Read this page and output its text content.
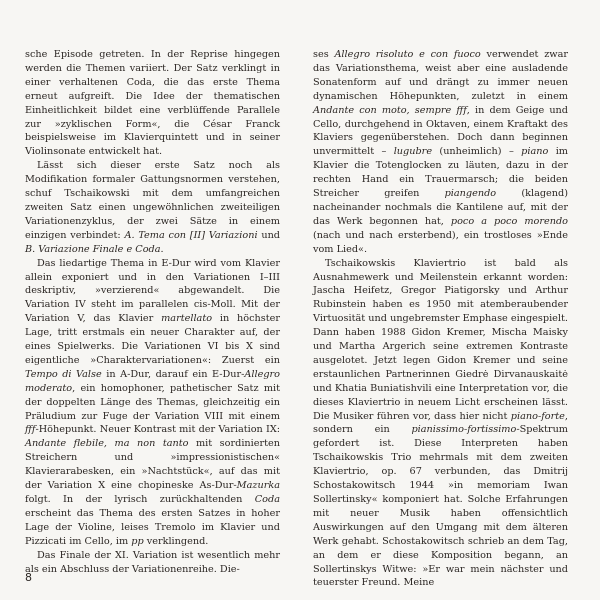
sche Episode getreten. In der Reprise hingegen werden die Themen variiert. Der Satz verklingt in einer verhaltenen Coda, die das erste Thema erneut aufgreift. Die Idee der thematischen Einheitlichkeit bildet eine verblüffende Parallele zur »zyklischen Form«, die César Franck beispielsweise im Klavierquintett und in seiner Violinsonate entwickelt hat.

Lässt sich dieser erste Satz noch als Modifikation formaler Gattungsnormen verstehen, schuf Tschaikowski mit dem umfangreichen zweiten Satz einen ungewöhnlichen zweiteiligen Variationenzyklus, der zwei Sätze in einem einzigen verbindet: A. Tema con [II] Variazioni und B. Variazione Finale e Coda.

Das liedartige Thema in E-Dur wird vom Klavier allein exponiert und in den Variationen I–III deskriptiv, »verzierend« abgewandelt. Die Variation IV steht im parallelen cis-Moll. Mit der Variation V, das Klavier martellato in höchster Lage, tritt erstmals ein neuer Charakter auf, der eines Spielwerks. Die Variationen VI bis X sind eigentliche »Charaktervariationen«: Zuerst ein Tempo di Valse in A-Dur, darauf ein E-Dur-Allegro moderato, ein homophoner, pathetischer Satz mit der doppelten Länge des Themas, gleichzeitig ein Präludium zur Fuge der Variation VIII mit einem fff-Höhepunkt. Neuer Kontrast mit der Variation IX: Andante flebile, ma non tanto mit sordinierten Streichern und »impressionistischen« Klavierarabesken, ein »Nachtstück«, auf das mit der Variation X eine chopineske As-Dur-Mazurka folgt. In der lyrisch zurückhaltenden Coda erscheint das Thema des ersten Satzes in hoher Lage der Violine, leises Tremolo im Klavier und Pizzicati im Cello, im pp verklingend.

Das Finale der XI. Variation ist wesentlich mehr als ein Abschluss der Variationenreihe. Die-

ses Allegro risoluto e con fuoco verwendet zwar das Variationsthema, weist aber eine ausladende Sonatenform auf und drängt zu immer neuen dynamischen Höhepunkten, zuletzt in einem Andante con moto, sempre fff, in dem Geige und Cello, durchgehend in Oktaven, einem Kraftakt des Klaviers gegenüberstehen. Doch dann beginnen unvermittelt – lugubre (unheimlich) – piano im Klavier die Totenglocken zu läuten, dazu in der rechten Hand ein Trauermarsch; die beiden Streicher greifen piangendo (klagend) nacheinander nochmals die Kantilene auf, mit der das Werk begonnen hat, poco a poco morendo (nach und nach ersterbend), ein trostloses »Ende vom Lied«.

Tschaikowskis Klaviertrio ist bald als Ausnahmewerk und Meilenstein erkannt worden: Jascha Heifetz, Gregor Piatigorsky und Arthur Rubinstein haben es 1950 mit atemberaubender Virtuosität und ungebremster Emphase eingespielt. Dann haben 1988 Gidon Kremer, Mischa Maisky und Martha Argerich seine extremen Kontraste ausgelotet. Jetzt legen Gidon Kremer und seine erstaunlichen Partnerinnen Giedrė Dirvanauskaitė und Khatia Buniatishvili eine Interpretation vor, die dieses Klaviertrio in neuem Licht erscheinen lässt. Die Musiker führen vor, dass hier nicht piano-forte, sondern ein pianissimo-fortissimo-Spektrum gefordert ist. Diese Interpreten haben Tschaikowskis Trio mehrmals mit dem zweiten Klaviertrio, op. 67 verbunden, das Dmitrij Schostakowitsch 1944 »in memoriam Iwan Sollertinsky« komponiert hat. Solche Erfahrungen mit neuer Musik haben offensichtlich Auswirkungen auf den Umgang mit dem älteren Werk gehabt. Schostakowitsch schrieb an dem Tag, an dem er diese Komposition begann, an Sollertinskys Witwe: »Er war mein nächster und teuerster Freund. Meine

8
